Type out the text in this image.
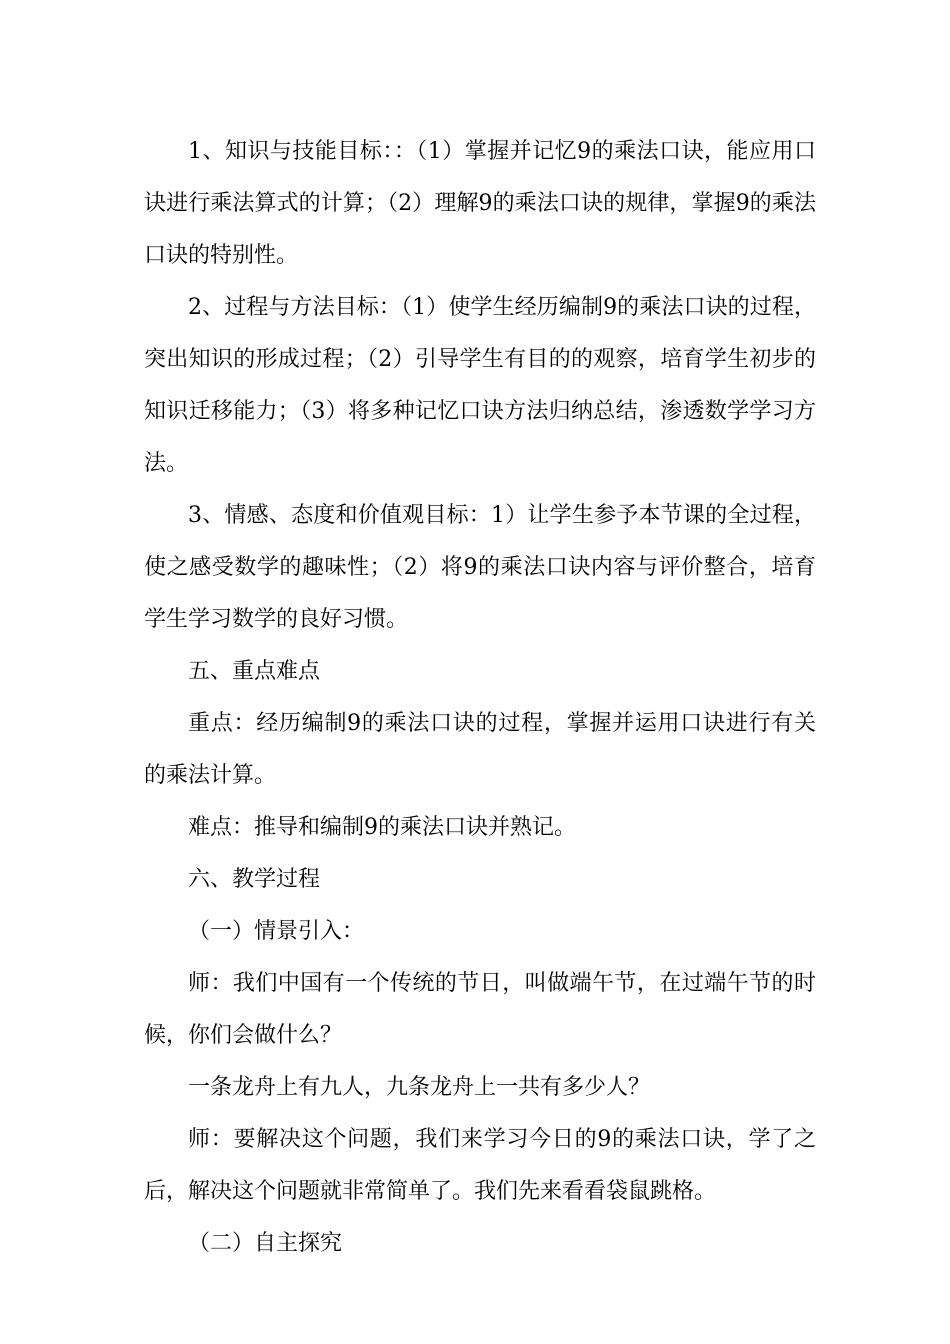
1、知识与技能目标：：（1）掌握并记忆9的乘法口诀，能应用口诀进行乘法算式的计算；（2）理解9的乘法口诀的规律，掌握9的乘法口诀的特别性。

2、过程与方法目标：（1）使学生经历编制9的乘法口诀的过程，突出知识的形成过程；（2）引导学生有目的的观察，培育学生初步的知识迁移能力；（3）将多种记忆口诀方法归纳总结，渗透数学学习方法。

3、情感、态度和价值观目标：1）让学生参予本节课的全过程，使之感受数学的趣味性；（2）将9的乘法口诀内容与评价整合，培育学生学习数学的良好习惯。

五、重点难点

重点：经历编制9的乘法口诀的过程，掌握并运用口诀进行有关的乘法计算。

难点：推导和编制9的乘法口诀并熟记。

六、教学过程

（一）情景引入：

师：我们中国有一个传统的节日，叫做端午节，在过端午节的时候，你们会做什么？

一条龙舟上有九人，九条龙舟上一共有多少人？

师：要解决这个问题，我们来学习今日的9的乘法口诀，学了之后，解决这个问题就非常简单了。我们先来看看袋鼠跳格。

（二）自主探究
